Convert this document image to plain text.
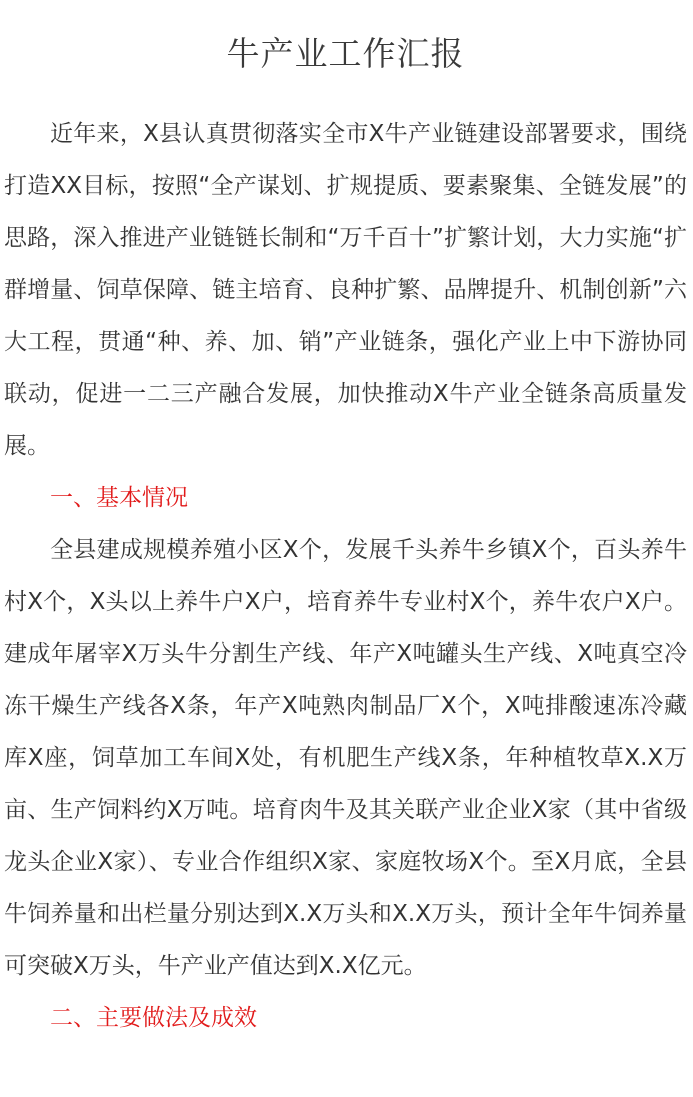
牛产业工作汇报

近年来，X县认真贯彻落实全市X牛产业链建设部署要求，围绕打造XX目标，按照“全产谋划、扩规提质、要素聚集、全链发展”的思路，深入推进产业链链长制和“万千百十”扩繁计划，大力实施“扩群增量、饲草保障、链主培育、良种扩繁、品牌提升、机制创新”六大工程，贯通“种、养、加、销”产业链条，强化产业上中下游协同联动，促进一二三产融合发展，加快推动X牛产业全链条高质量发展。

一、基本情况

全县建成规模养殖小区X个，发展千头养牛乡镇X个，百头养牛村X个，X头以上养牛户X户，培育养牛专业村X个，养牛农户X户。建成年屠宰X万头牛分割生产线、年产X吨罐头生产线、X吨真空冷冻干燥生产线各X条，年产X吨熟肉制品厂X个，X吨排酸速冻冷藏库X座，饲草加工车间X处，有机肥生产线X条，年种植牧草X.X万亩、生产饲料约X万吨。培育肉牛及其关联产业企业X家（其中省级龙头企业X家）、专业合作组织X家、家庭牧场X个。至X月底，全县牛饲养量和出栏量分别达到X.X万头和X.X万头，预计全年牛饲养量可突破X万头，牛产业产值达到X.X亿元。

二、主要做法及成效
